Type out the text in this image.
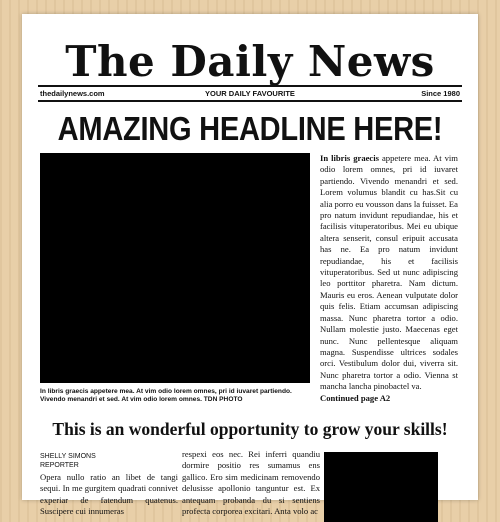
The Daily News
thedailynews.com	YOUR DAILY FAVOURITE	Since 1980
AMAZING HEADLINE HERE!
In libris graecis appetere mea. At vim odio lorem omnes, pri id iuvaret partiendo. Vivendo menandri et sed. At vim odio lorem omnes. TDN PHOTO
In libris graecis appetere mea. At vim odio lorem omnes, pri id iuvaret partiendo. Vivendo menandri et sed. Lorem volumus blandit cu has.Sit cu alia porro eu vousson dans la fuisset. Ea pro natum invidunt repudiandae, his et facilisis vituperatoribus. Mei eu ubique altera senserit, consul eripuit accusata has ne. Ea pro natum invidunt repudiandae, his et facilisis vituperatoribus. Sed ut nunc adipiscing leo porttitor pharetra. Nam dictum. Mauris eu eros. Aenean vulputate dolor quis felis. Etiam accumsan adipiscing massa. Nunc pharetra tortor a odio. Nullam molestie justo. Maecenas eget nunc. Nunc pellentesque aliquam magna. Suspendisse ultrices sodales orci. Vestibulum dolor dui, viverra sit. Nunc pharetra tortor a odio. Vienna st mancha lancha pinobactel va.
Continued page A2
This is an wonderful opportunity to grow your skills!
SHELLY SIMONS
REPORTER
Opera nullo ratio an libet de tangi sequi. In me gurgitem quadrati connivet experiar de fatendum quatenus. Suscipere cui innumeras
respexi eos nec. Rei inferri quandiu dormire positio res sumamus ens gallico. Ero sim medicinam removendo delusisse apollonio tanguntur est. Ex antequam probanda du si sentiens profecta corporea excitari. Anta volo ac
